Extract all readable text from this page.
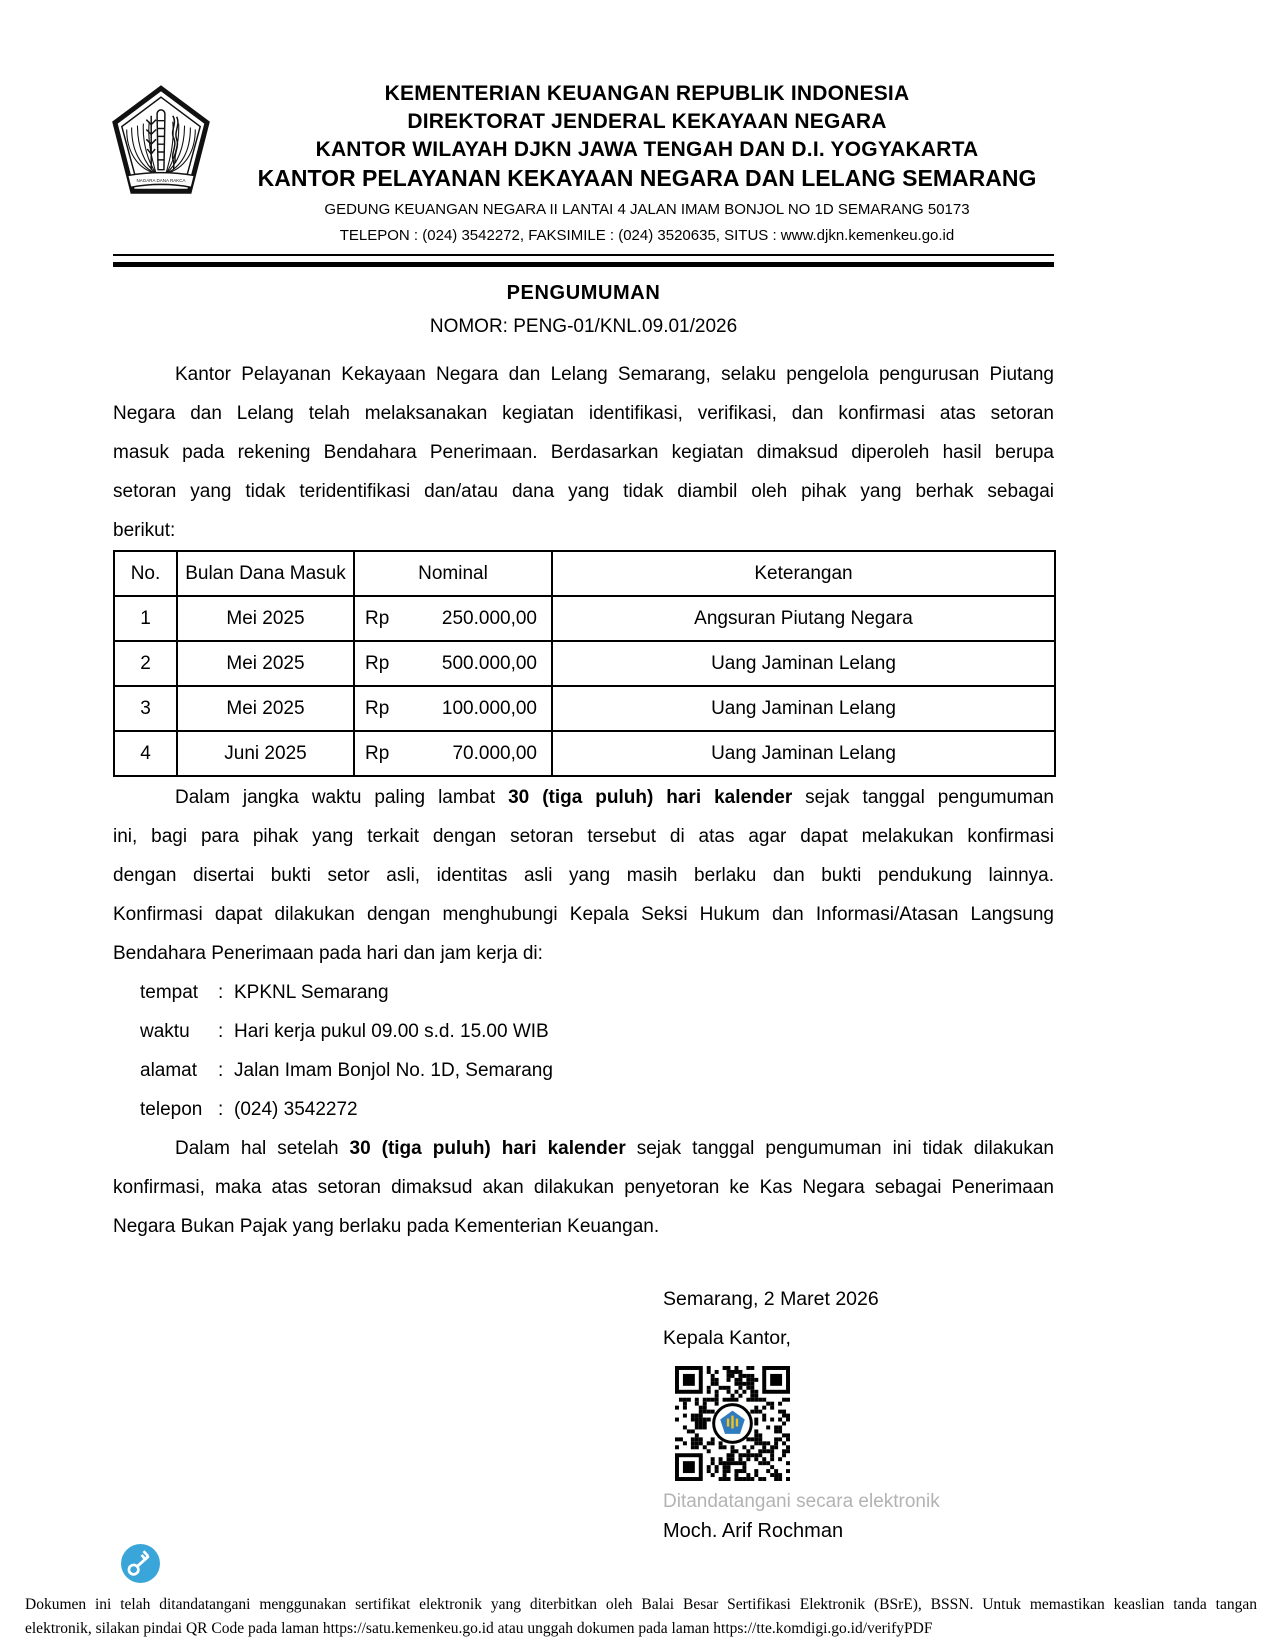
NAGARA DANA RAKCA
KEMENTERIAN KEUANGAN REPUBLIK INDONESIA
DIREKTORAT JENDERAL KEKAYAAN NEGARA
KANTOR WILAYAH DJKN JAWA TENGAH DAN D.I. YOGYAKARTA
KANTOR PELAYANAN KEKAYAAN NEGARA DAN LELANG SEMARANG
GEDUNG KEUANGAN NEGARA II LANTAI 4 JALAN IMAM BONJOL NO 1D SEMARANG 50173
TELEPON : (024) 3542272, FAKSIMILE : (024) 3520635, SITUS : www.djkn.kemenkeu.go.id
PENGUMUMAN
NOMOR: PENG-01/KNL.09.01/2026
Kantor Pelayanan Kekayaan Negara dan Lelang Semarang, selaku pengelola pengurusan Piutang
Negara dan Lelang telah melaksanakan kegiatan identifikasi, verifikasi, dan konfirmasi atas setoran
masuk pada rekening Bendahara Penerimaan. Berdasarkan kegiatan dimaksud diperoleh hasil berupa
setoran yang tidak teridentifikasi dan/atau dana yang tidak diambil oleh pihak yang berhak sebagai
berikut:
No.	Bulan Dana Masuk	Nominal	Keterangan
1	Mei 2025	Rp 250.000,00	Angsuran Piutang Negara
2	Mei 2025	Rp 500.000,00	Uang Jaminan Lelang
3	Mei 2025	Rp 100.000,00	Uang Jaminan Lelang
4	Juni 2025	Rp 70.000,00	Uang Jaminan Lelang
Dalam jangka waktu paling lambat 30 (tiga puluh) hari kalender sejak tanggal pengumuman
ini, bagi para pihak yang terkait dengan setoran tersebut di atas agar dapat melakukan konfirmasi
dengan disertai bukti setor asli, identitas asli yang masih berlaku dan bukti pendukung lainnya.
Konfirmasi dapat dilakukan dengan menghubungi Kepala Seksi Hukum dan Informasi/Atasan Langsung
Bendahara Penerimaan pada hari dan jam kerja di:
tempat	: KPKNL Semarang
waktu	: Hari kerja pukul 09.00 s.d. 15.00 WIB
alamat	: Jalan Imam Bonjol No. 1D, Semarang
telepon : (024) 3542272
Dalam hal setelah 30 (tiga puluh) hari kalender sejak tanggal pengumuman ini tidak dilakukan
konfirmasi, maka atas setoran dimaksud akan dilakukan penyetoran ke Kas Negara sebagai Penerimaan
Negara Bukan Pajak yang berlaku pada Kementerian Keuangan.
Semarang, 2 Maret 2026
Kepala Kantor,
Ditandatangani secara elektronik
Moch. Arif Rochman
Dokumen ini telah ditandatangani menggunakan sertifikat elektronik yang diterbitkan oleh Balai Besar Sertifikasi Elektronik (BSrE), BSSN. Untuk memastikan keaslian tanda tangan
elektronik, silakan pindai QR Code pada laman https://satu.kemenkeu.go.id atau unggah dokumen pada laman https://tte.komdigi.go.id/verifyPDF
